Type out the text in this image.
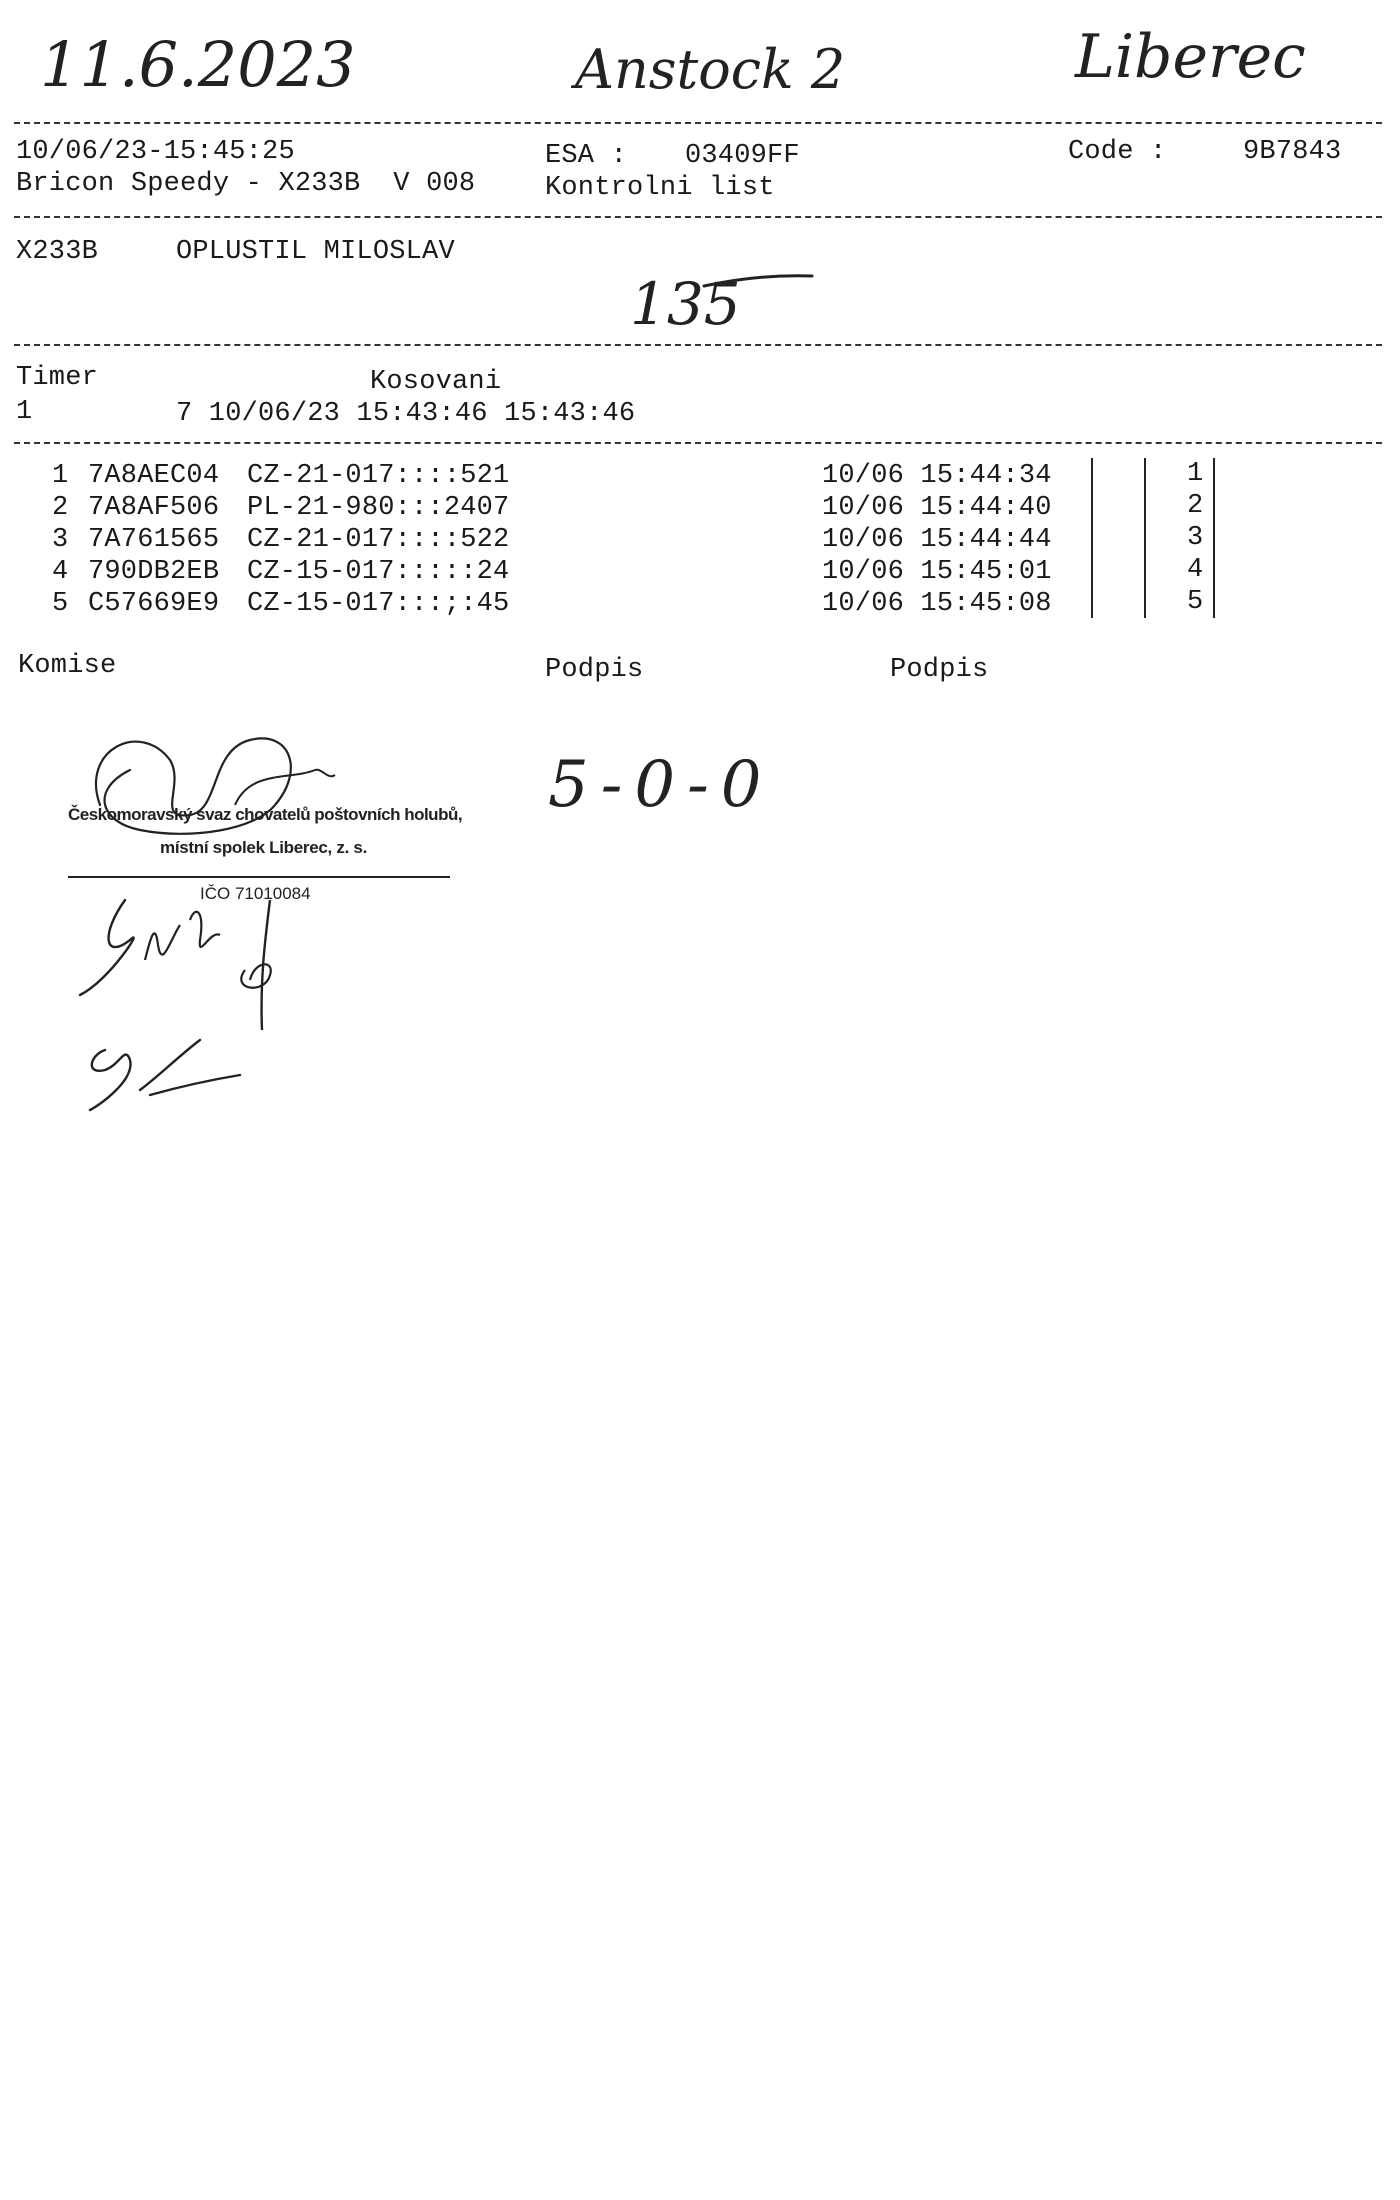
11.6.2023	Anstock 2	Liberec
10/06/23-15:45:25
Bricon Speedy - X233B  V 008
ESA : 03409FF
Kontrolni list
Code :	9B7843
X233B	OPLUSTIL MILOSLAV
135
Timer	Kosovani
1	7 10/06/23 15:43:46 15:43:46
1 7A8AEC04 CZ-21-017::::521	10/06 15:44:34	1
2 7A8AF506 PL-21-980:::2407	10/06 15:44:40	2
3 7A761565 CZ-21-017::::522	10/06 15:44:44	3
4 790DB2EB CZ-15-017:::::24	10/06 15:45:01	4
5 C57669E9 CZ-15-017:::;:45	10/06 15:45:08	5
Komise	Podpis	Podpis
5-0-0
Českomoravský svaz chovatelů poštovních holubů,
místní spolek Liberec, z. s.
IČO 71010084
